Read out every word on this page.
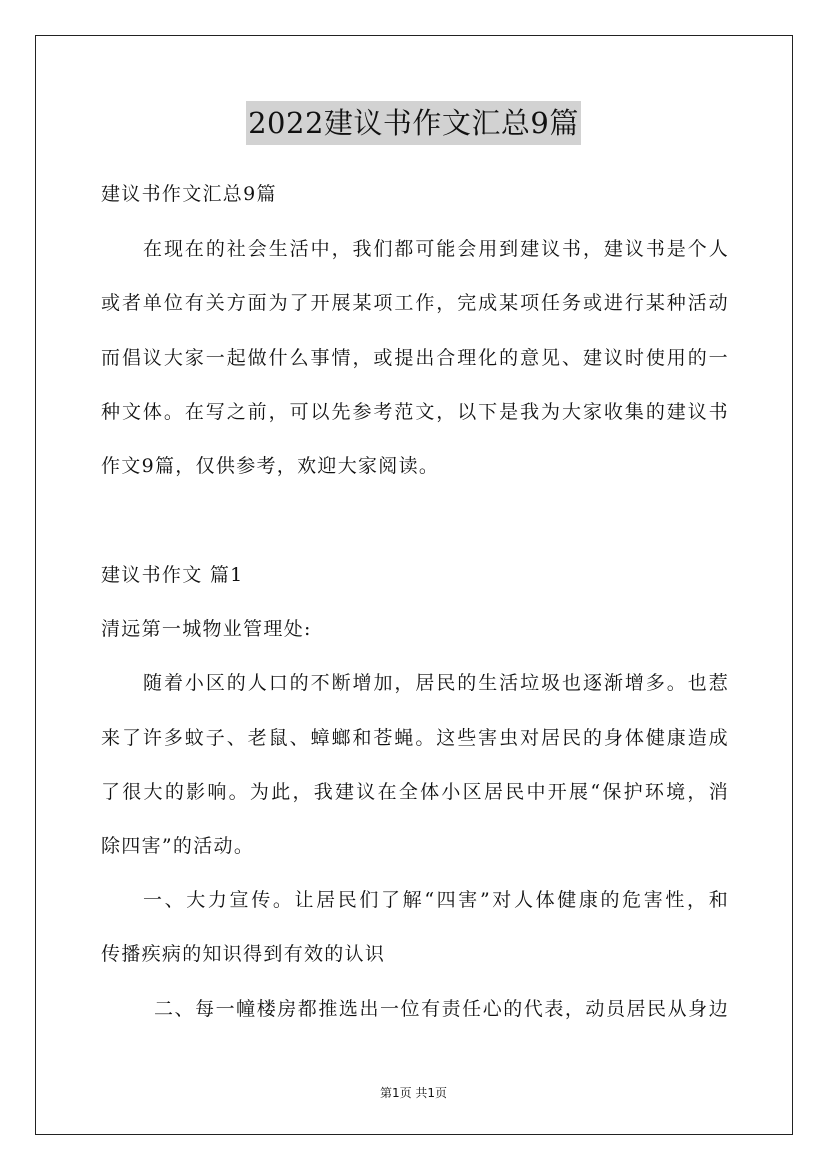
2022建议书作文汇总9篇
建议书作文汇总9篇
在现在的社会生活中，我们都可能会用到建议书，建议书是个人
或者单位有关方面为了开展某项工作，完成某项任务或进行某种活动
而倡议大家一起做什么事情，或提出合理化的意见、建议时使用的一
种文体。在写之前，可以先参考范文，以下是我为大家收集的建议书
作文9篇，仅供参考，欢迎大家阅读。
建议书作文 篇1
清远第一城物业管理处:
随着小区的人口的不断增加，居民的生活垃圾也逐渐增多。也惹
来了许多蚊子、老鼠、蟑螂和苍蝇。这些害虫对居民的身体健康造成
了很大的影响。为此，我建议在全体小区居民中开展“保护环境，消
除四害”的活动。
一、大力宣传。让居民们了解“四害”对人体健康的危害性，和
传播疾病的知识得到有效的认识
二、每一幢楼房都推选出一位有责任心的代表，动员居民从身边
第1页 共1页
